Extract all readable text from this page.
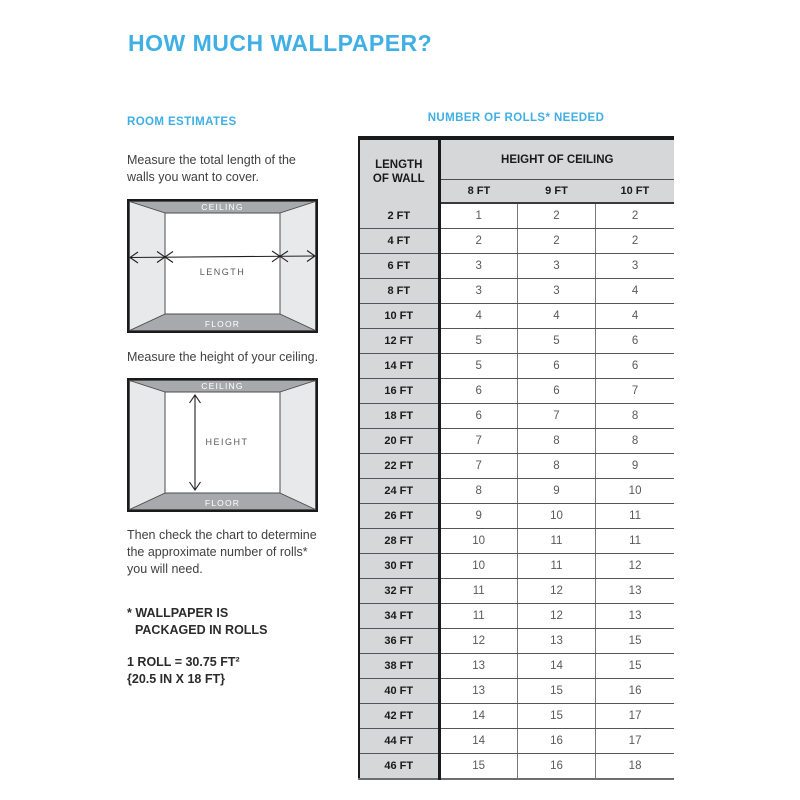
HOW MUCH WALLPAPER?
ROOM ESTIMATES

Measure the total length of the walls you want to cover.

CEILING
FLOOR
LENGTH

Measure the height of your ceiling.

CEILING
FLOOR
HEIGHT

Then check the chart to determine the approximate number of rolls* you will need.

* WALLPAPER IS
PACKAGED IN ROLLS
1 ROLL = 30.75 FT²
{20.5 IN X 18 FT}
NUMBER OF ROLLS* NEEDED
LENGTH
OF WALL	HEIGHT OF CEILING		
	8 FT	9 FT	10 FT
2 FT	1	2	2
4 FT	2	2	2
6 FT	3	3	3
8 FT	3	3	4
10 FT	4	4	4
12 FT	5	5	6
14 FT	5	6	6
16 FT	6	6	7
18 FT	6	7	8
20 FT	7	8	8
22 FT	7	8	9
24 FT	8	9	10
26 FT	9	10	11
28 FT	10	11	11
30 FT	10	11	12
32 FT	11	12	13
34 FT	11	12	13
36 FT	12	13	15
38 FT	13	14	15
40 FT	13	15	16
42 FT	14	15	17
44 FT	14	16	17
46 FT	15	16	18
